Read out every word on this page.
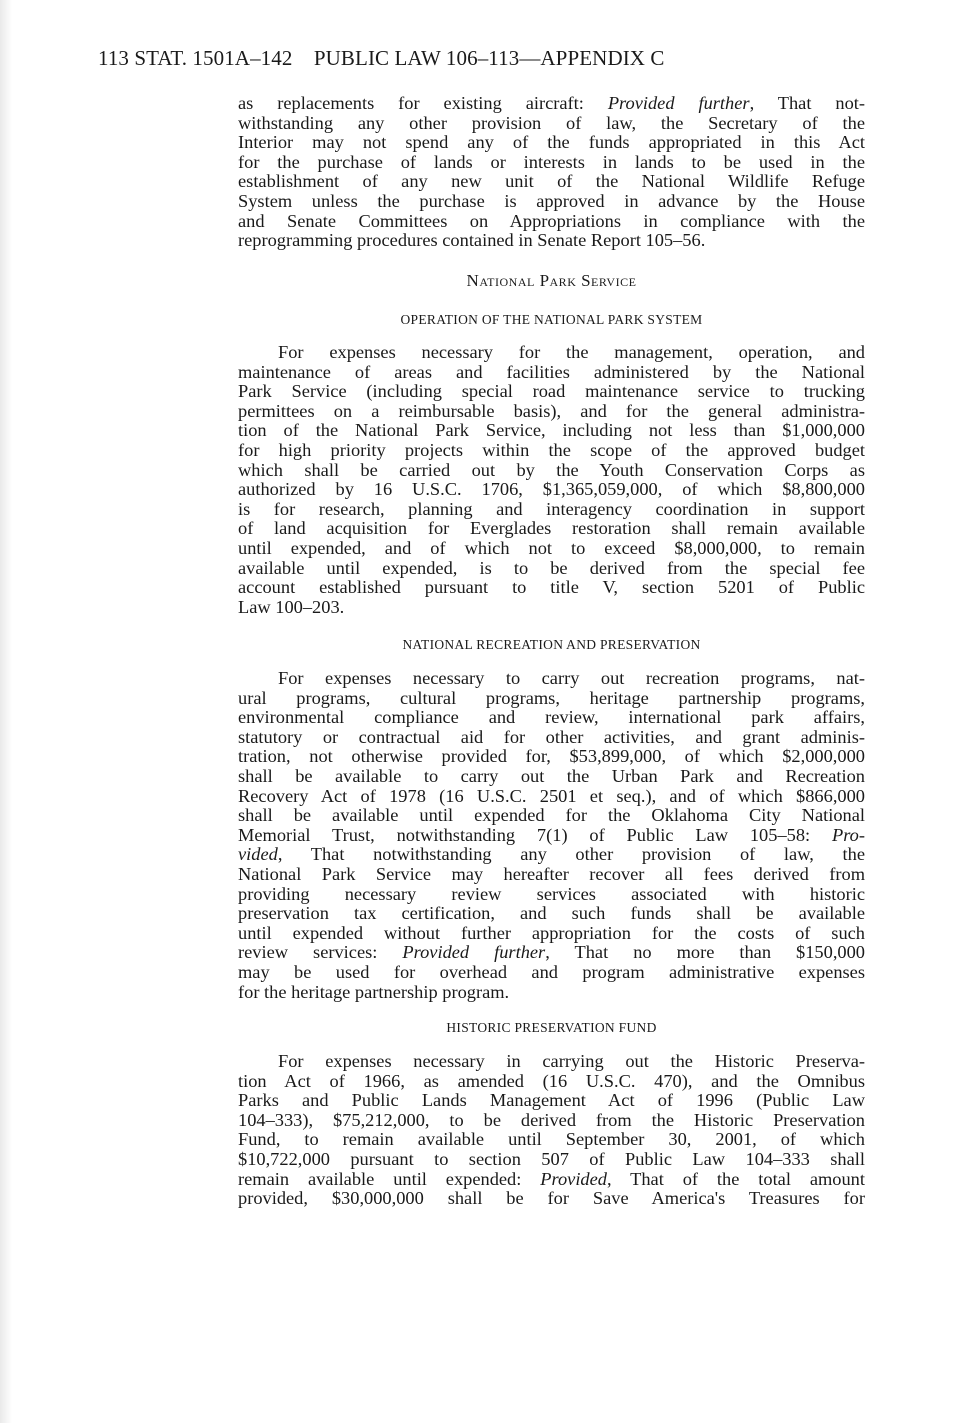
113 STAT. 1501A–142    PUBLIC LAW 106–113—APPENDIX C
as replacements for existing aircraft: Provided further, That not-
withstanding any other provision of law, the Secretary of the
Interior may not spend any of the funds appropriated in this Act
for the purchase of lands or interests in lands to be used in the
establishment of any new unit of the National Wildlife Refuge
System unless the purchase is approved in advance by the House
and Senate Committees on Appropriations in compliance with the
reprogramming procedures contained in Senate Report 105–56.
National Park Service
OPERATION OF THE NATIONAL PARK SYSTEM
For expenses necessary for the management, operation, and
maintenance of areas and facilities administered by the National
Park Service (including special road maintenance service to trucking
permittees on a reimbursable basis), and for the general administra-
tion of the National Park Service, including not less than $1,000,000
for high priority projects within the scope of the approved budget
which shall be carried out by the Youth Conservation Corps as
authorized by 16 U.S.C. 1706, $1,365,059,000, of which $8,800,000
is for research, planning and interagency coordination in support
of land acquisition for Everglades restoration shall remain available
until expended, and of which not to exceed $8,000,000, to remain
available until expended, is to be derived from the special fee
account established pursuant to title V, section 5201 of Public
Law 100–203.
NATIONAL RECREATION AND PRESERVATION
For expenses necessary to carry out recreation programs, nat-
ural programs, cultural programs, heritage partnership programs,
environmental compliance and review, international park affairs,
statutory or contractual aid for other activities, and grant adminis-
tration, not otherwise provided for, $53,899,000, of which $2,000,000
shall be available to carry out the Urban Park and Recreation
Recovery Act of 1978 (16 U.S.C. 2501 et seq.), and of which $866,000
shall be available until expended for the Oklahoma City National
Memorial Trust, notwithstanding 7(1) of Public Law 105–58: Pro-
vided, That notwithstanding any other provision of law, the
National Park Service may hereafter recover all fees derived from
providing necessary review services associated with historic
preservation tax certification, and such funds shall be available
until expended without further appropriation for the costs of such
review services: Provided further, That no more than $150,000
may be used for overhead and program administrative expenses
for the heritage partnership program.
HISTORIC PRESERVATION FUND
For expenses necessary in carrying out the Historic Preserva-
tion Act of 1966, as amended (16 U.S.C. 470), and the Omnibus
Parks and Public Lands Management Act of 1996 (Public Law
104–333), $75,212,000, to be derived from the Historic Preservation
Fund, to remain available until September 30, 2001, of which
$10,722,000 pursuant to section 507 of Public Law 104–333 shall
remain available until expended: Provided, That of the total amount
provided, $30,000,000 shall be for Save America's Treasures for
